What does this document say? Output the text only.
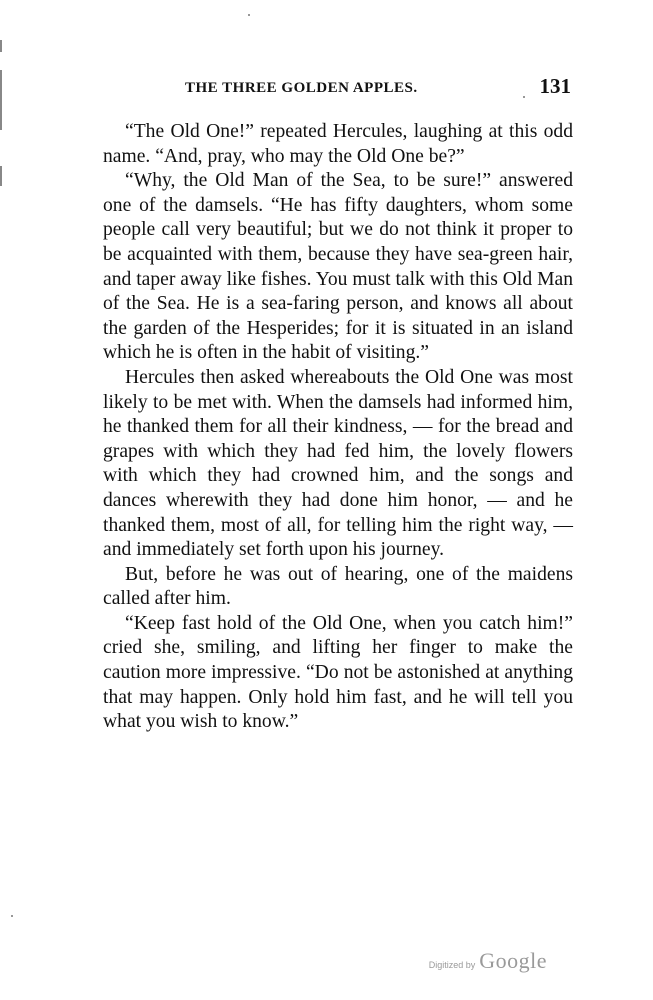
THE THREE GOLDEN APPLES.	131

“The Old One!” repeated Hercules, laughing at this odd name. “And, pray, who may the Old One be?”

“Why, the Old Man of the Sea, to be sure!” answered one of the damsels. “He has fifty daughters, whom some people call very beautiful; but we do not think it proper to be acquainted with them, because they have sea-green hair, and taper away like fishes. You must talk with this Old Man of the Sea. He is a sea-faring person, and knows all about the garden of the Hesperides; for it is situated in an island which he is often in the habit of visiting.”

Hercules then asked whereabouts the Old One was most likely to be met with. When the damsels had informed him, he thanked them for all their kindness, — for the bread and grapes with which they had fed him, the lovely flowers with which they had crowned him, and the songs and dances wherewith they had done him honor, — and he thanked them, most of all, for telling him the right way, — and immediately set forth upon his journey.

But, before he was out of hearing, one of the maidens called after him.

“Keep fast hold of the Old One, when you catch him!” cried she, smiling, and lifting her finger to make the caution more impressive. “Do not be astonished at anything that may happen. Only hold him fast, and he will tell you what you wish to know.”

Digitized by Google
